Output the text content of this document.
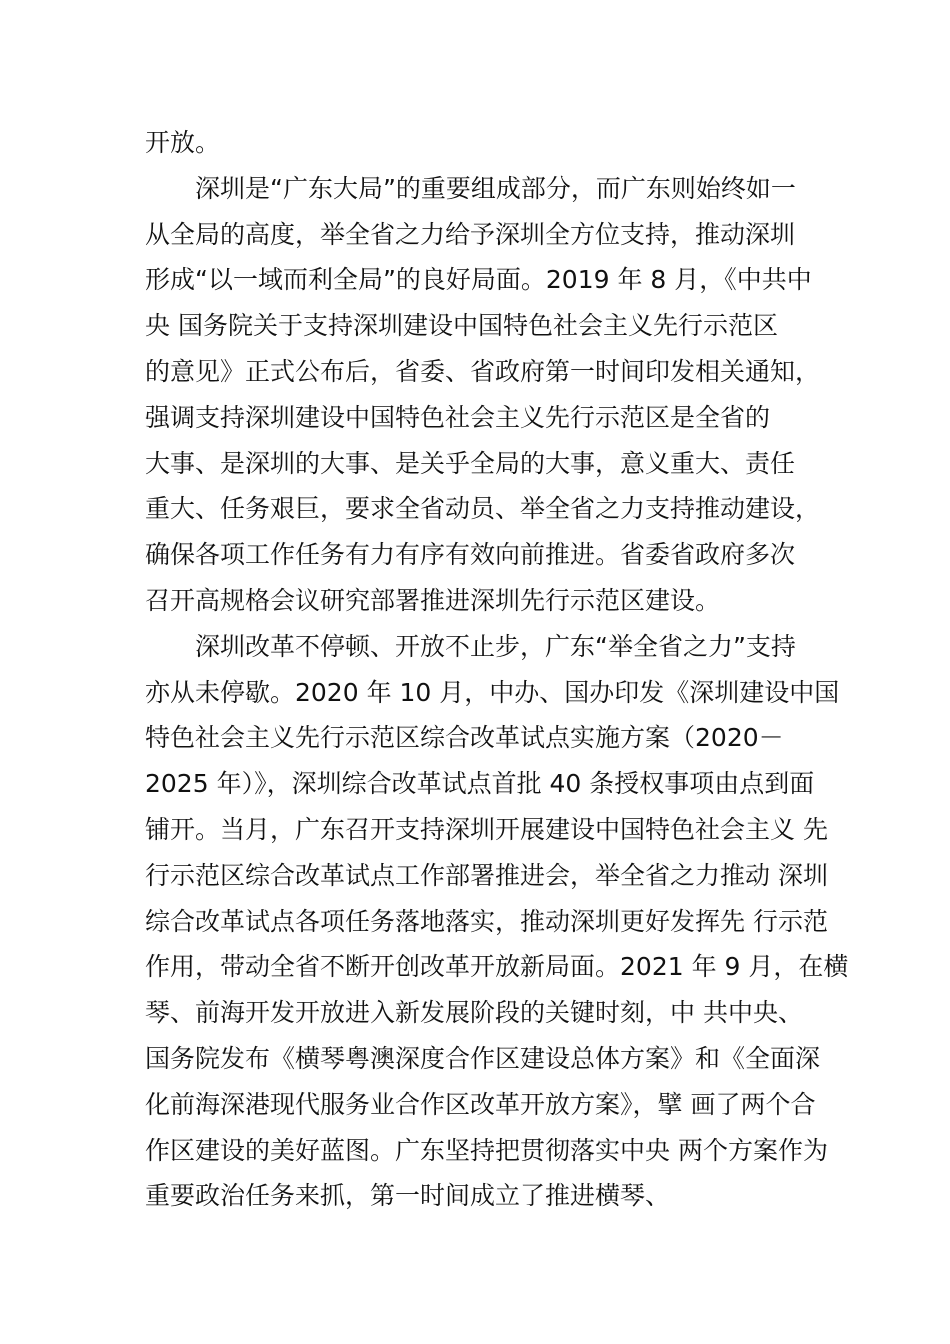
开放。
深圳是“广东大局”的重要组成部分，而广东则始终如一
从全局的高度，举全省之力给予深圳全方位支持，推动深圳
形成“以一域而利全局”的良好局面。2019 年 8 月，《中共中
央 国务院关于支持深圳建设中国特色社会主义先行示范区
的意见》正式公布后，省委、省政府第一时间印发相关通知，
强调支持深圳建设中国特色社会主义先行示范区是全省的
大事、是深圳的大事、是关乎全局的大事，意义重大、责任
重大、任务艰巨，要求全省动员、举全省之力支持推动建设，
确保各项工作任务有力有序有效向前推进。省委省政府多次
召开高规格会议研究部署推进深圳先行示范区建设。
深圳改革不停顿、开放不止步，广东“举全省之力”支持
亦从未停歇。2020 年 10 月，中办、国办印发《深圳建设中国
特色社会主义先行示范区综合改革试点实施方案（2020－
2025 年）》，深圳综合改革试点首批 40 条授权事项由点到面
铺开。当月，广东召开支持深圳开展建设中国特色社会主义 先
行示范区综合改革试点工作部署推进会，举全省之力推动 深圳
综合改革试点各项任务落地落实，推动深圳更好发挥先 行示范
作用，带动全省不断开创改革开放新局面。2021 年 9 月，在横
琴、前海开发开放进入新发展阶段的关键时刻，中 共中央、
国务院发布《横琴粤澳深度合作区建设总体方案》和《全面深
化前海深港现代服务业合作区改革开放方案》，擘 画了两个合
作区建设的美好蓝图。广东坚持把贯彻落实中央 两个方案作为
重要政治任务来抓，第一时间成立了推进横琴、
